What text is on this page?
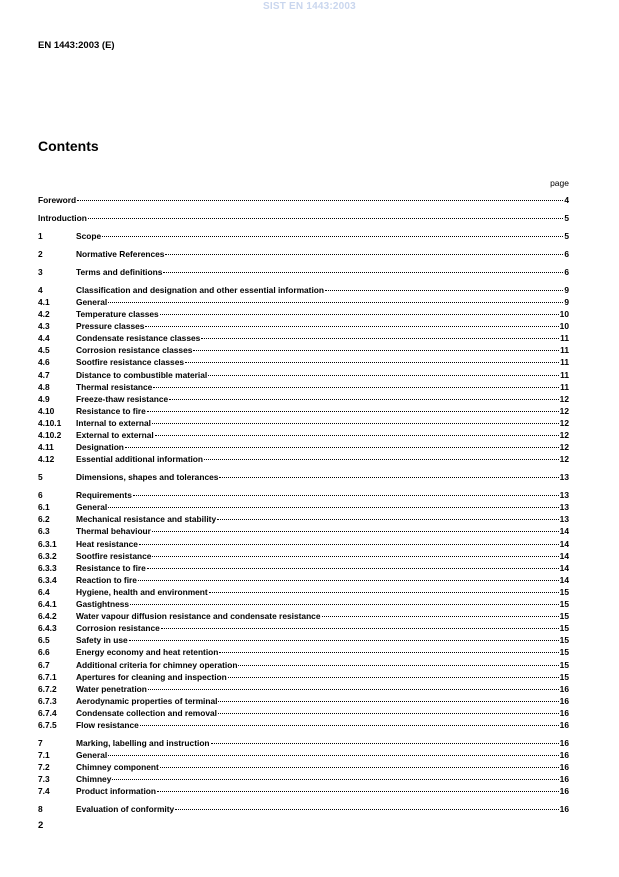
SIST EN 1443:2003
EN 1443:2003 (E)
Contents
page
Foreword	4
Introduction	5
1	Scope	5
2	Normative References	6
3	Terms and definitions	6
4	Classification and designation and other essential information	9
4.1	General	9
4.2	Temperature classes	10
4.3	Pressure classes	10
4.4	Condensate resistance classes	11
4.5	Corrosion resistance classes	11
4.6	Sootfire resistance classes	11
4.7	Distance to combustible material	11
4.8	Thermal resistance	11
4.9	Freeze-thaw resistance	12
4.10	Resistance to fire	12
4.10.1	Internal to external	12
4.10.2	External to external	12
4.11	Designation	12
4.12	Essential additional information	12
5	Dimensions, shapes and tolerances	13
6	Requirements	13
6.1	General	13
6.2	Mechanical resistance and stability	13
6.3	Thermal behaviour	14
6.3.1	Heat resistance	14
6.3.2	Sootfire resistance	14
6.3.3	Resistance to fire	14
6.3.4	Reaction to fire	14
6.4	Hygiene, health and environment	15
6.4.1	Gastightness	15
6.4.2	Water vapour diffusion resistance and condensate resistance	15
6.4.3	Corrosion resistance	15
6.5	Safety in use	15
6.6	Energy economy and heat retention	15
6.7	Additional criteria for chimney operation	15
6.7.1	Apertures for cleaning and inspection	15
6.7.2	Water penetration	16
6.7.3	Aerodynamic properties of terminal	16
6.7.4	Condensate collection and removal	16
6.7.5	Flow resistance	16
7	Marking, labelling and instruction	16
7.1	General	16
7.2	Chimney component	16
7.3	Chimney	16
7.4	Product information	16
8	Evaluation of conformity	16
2
